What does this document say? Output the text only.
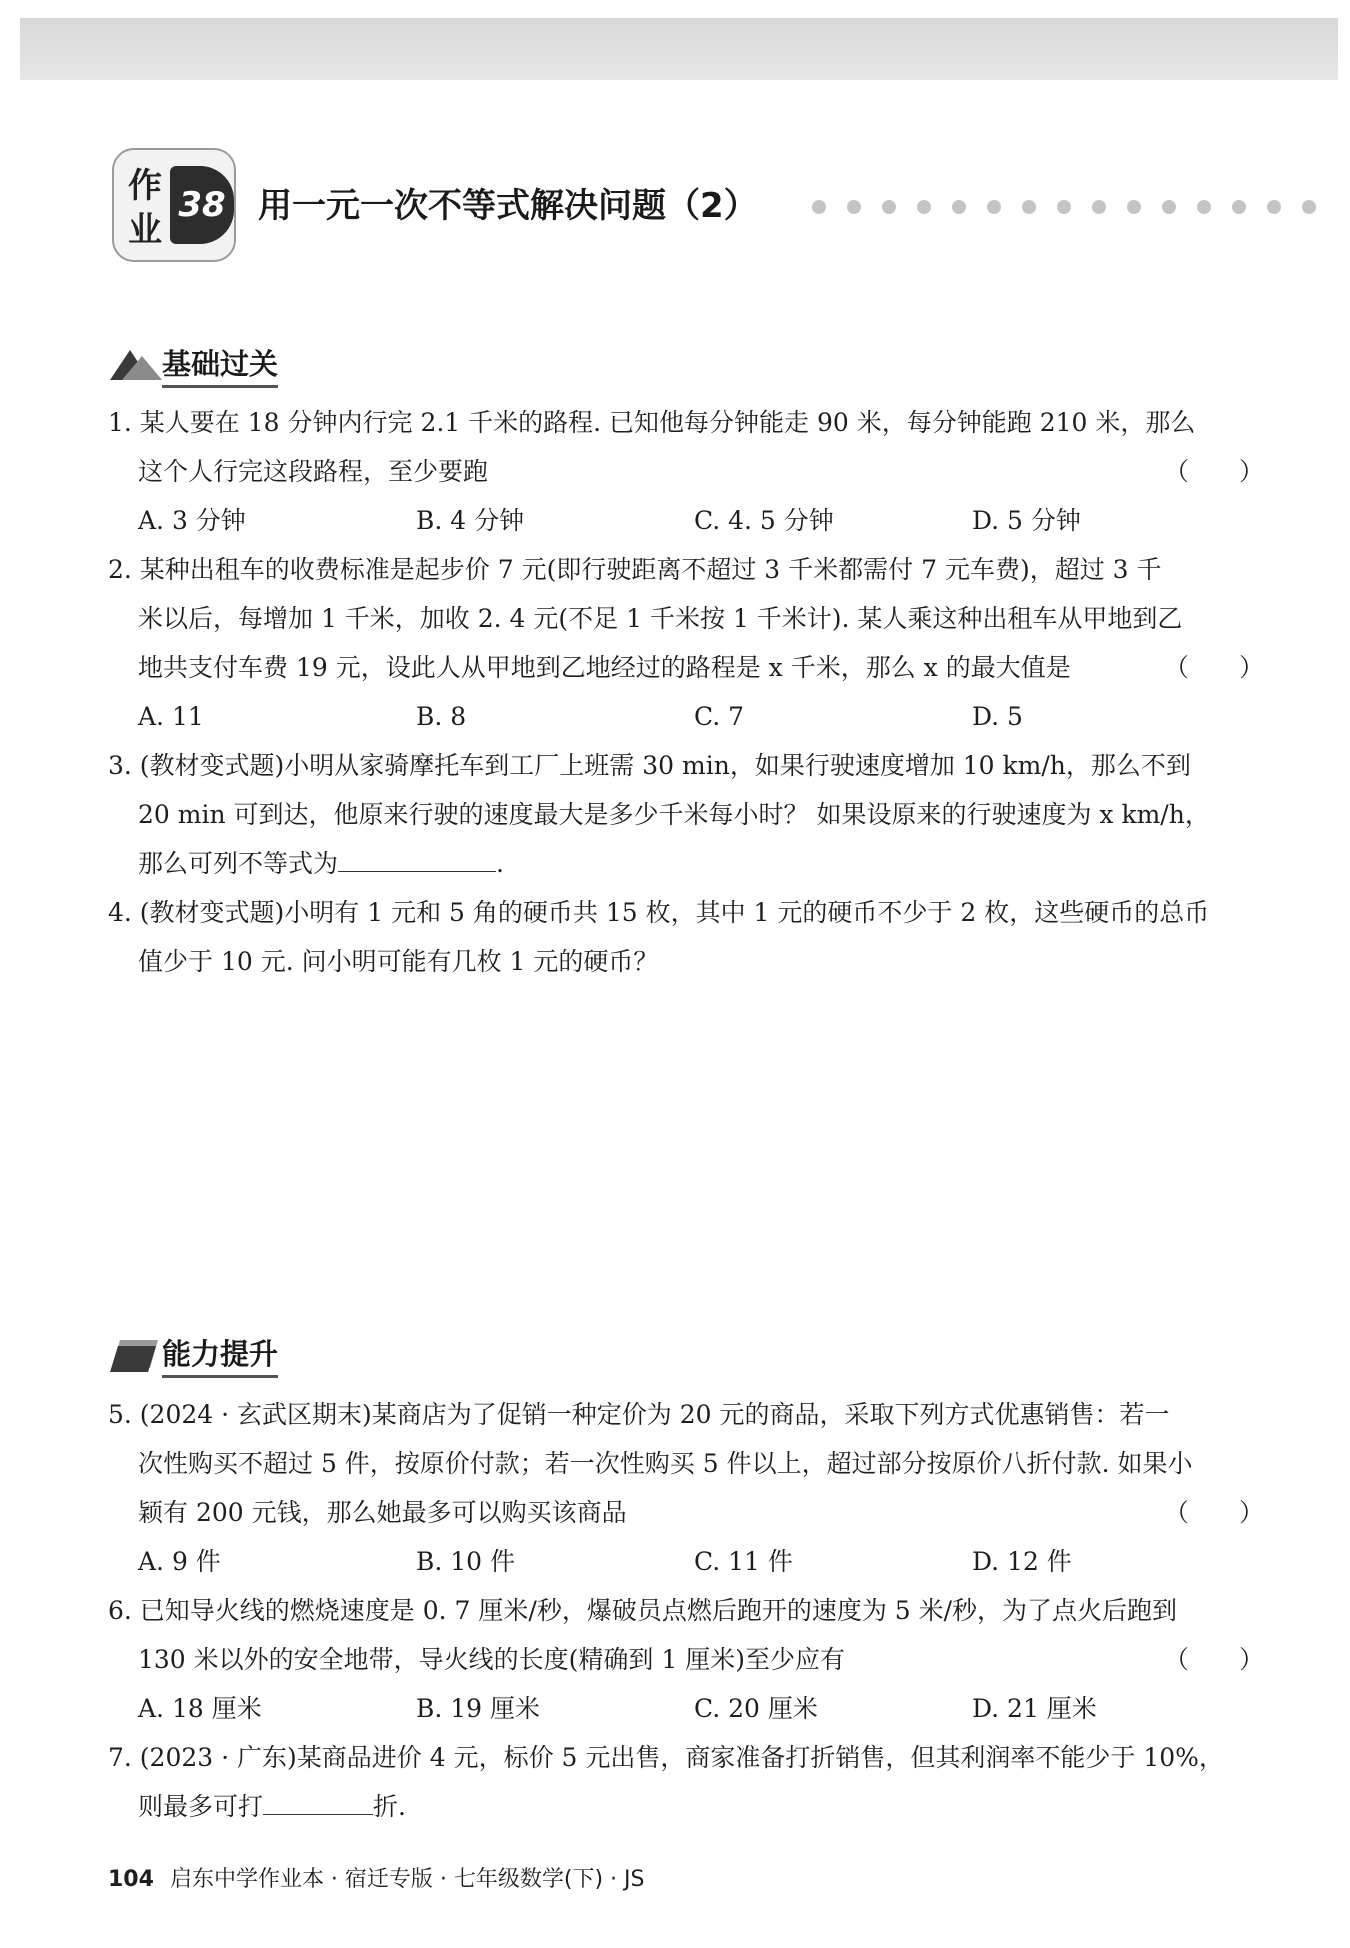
作
业
38 用一元一次不等式解决问题（2）
基础过关
1. 某人要在 18 分钟内行完 2.1 千米的路程. 已知他每分钟能走 90 米，每分钟能跑 210 米，那么
这个人行完这段路程，至少要跑	（　　）
A. 3 分钟	B. 4 分钟	C. 4. 5 分钟	D. 5 分钟
2. 某种出租车的收费标准是起步价 7 元(即行驶距离不超过 3 千米都需付 7 元车费)，超过 3 千
米以后，每增加 1 千米，加收 2. 4 元(不足 1 千米按 1 千米计). 某人乘这种出租车从甲地到乙
地共支付车费 19 元，设此人从甲地到乙地经过的路程是 x 千米，那么 x 的最大值是	（　　）
A. 11	B. 8	C. 7	D. 5
3. (教材变式题)小明从家骑摩托车到工厂上班需 30 min，如果行驶速度增加 10 km/h，那么不到
20 min 可到达，他原来行驶的速度最大是多少千米每小时？ 如果设原来的行驶速度为 x km/h，
那么可列不等式为	.
4. (教材变式题)小明有 1 元和 5 角的硬币共 15 枚，其中 1 元的硬币不少于 2 枚，这些硬币的总币
值少于 10 元. 问小明可能有几枚 1 元的硬币？
能力提升
5. (2024 · 玄武区期末)某商店为了促销一种定价为 20 元的商品，采取下列方式优惠销售：若一
次性购买不超过 5 件，按原价付款；若一次性购买 5 件以上，超过部分按原价八折付款. 如果小
颖有 200 元钱，那么她最多可以购买该商品	（　　）
A. 9 件	B. 10 件	C. 11 件	D. 12 件
6. 已知导火线的燃烧速度是 0. 7 厘米/秒，爆破员点燃后跑开的速度为 5 米/秒，为了点火后跑到
130 米以外的安全地带，导火线的长度(精确到 1 厘米)至少应有	（　　）
A. 18 厘米	B. 19 厘米	C. 20 厘米	D. 21 厘米
7. (2023 · 广东)某商品进价 4 元，标价 5 元出售，商家准备打折销售，但其利润率不能少于 10%，
则最多可打	折.
104 启东中学作业本 · 宿迁专版 · 七年级数学(下) · JS
